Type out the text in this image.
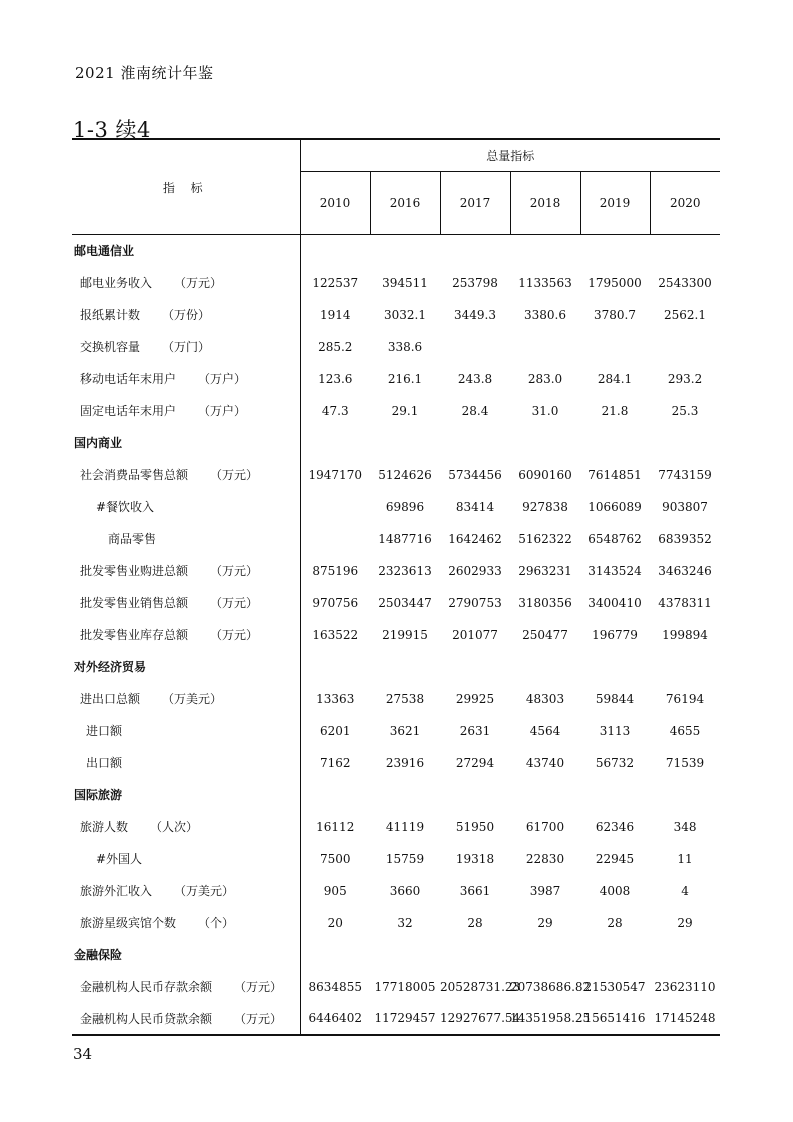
2021 淮南统计年鉴
1-3 续4
指 标	总量指标					
	2010	2016	2017	2018	2019	2020
邮电通信业						
邮电业务收入 （万元）	122537	394511	253798	1133563	1795000	2543300
报纸累计数 （万份）	1914	3032.1	3449.3	3380.6	3780.7	2562.1
交换机容量 （万门）	285.2	338.6				
移动电话年末用户 （万户）	123.6	216.1	243.8	283.0	284.1	293.2
固定电话年末用户 （万户）	47.3	29.1	28.4	31.0	21.8	25.3
国内商业						
社会消费品零售总额 （万元）	1947170	5124626	5734456	6090160	7614851	7743159
#餐饮收入		69896	83414	927838	1066089	903807
商品零售		1487716	1642462	5162322	6548762	6839352
批发零售业购进总额 （万元）	875196	2323613	2602933	2963231	3143524	3463246
批发零售业销售总额 （万元）	970756	2503447	2790753	3180356	3400410	4378311
批发零售业库存总额 （万元）	163522	219915	201077	250477	196779	199894
对外经济贸易						
进出口总额 （万美元）	13363	27538	29925	48303	59844	76194
进口额	6201	3621	2631	4564	3113	4655
出口额	7162	23916	27294	43740	56732	71539
国际旅游						
旅游人数 （人次）	16112	41119	51950	61700	62346	348
#外国人	7500	15759	19318	22830	22945	11
旅游外汇收入 （万美元）	905	3660	3661	3987	4008	4
旅游星级宾馆个数 （个）	20	32	28	29	28	29
金融保险						
金融机构人民币存款余额 （万元）	8634855	17718005	20528731.23	20738686.82	21530547	23623110
金融机构人民币贷款余额 （万元）	6446402	11729457	12927677.54	14351958.25	15651416	17145248
34
